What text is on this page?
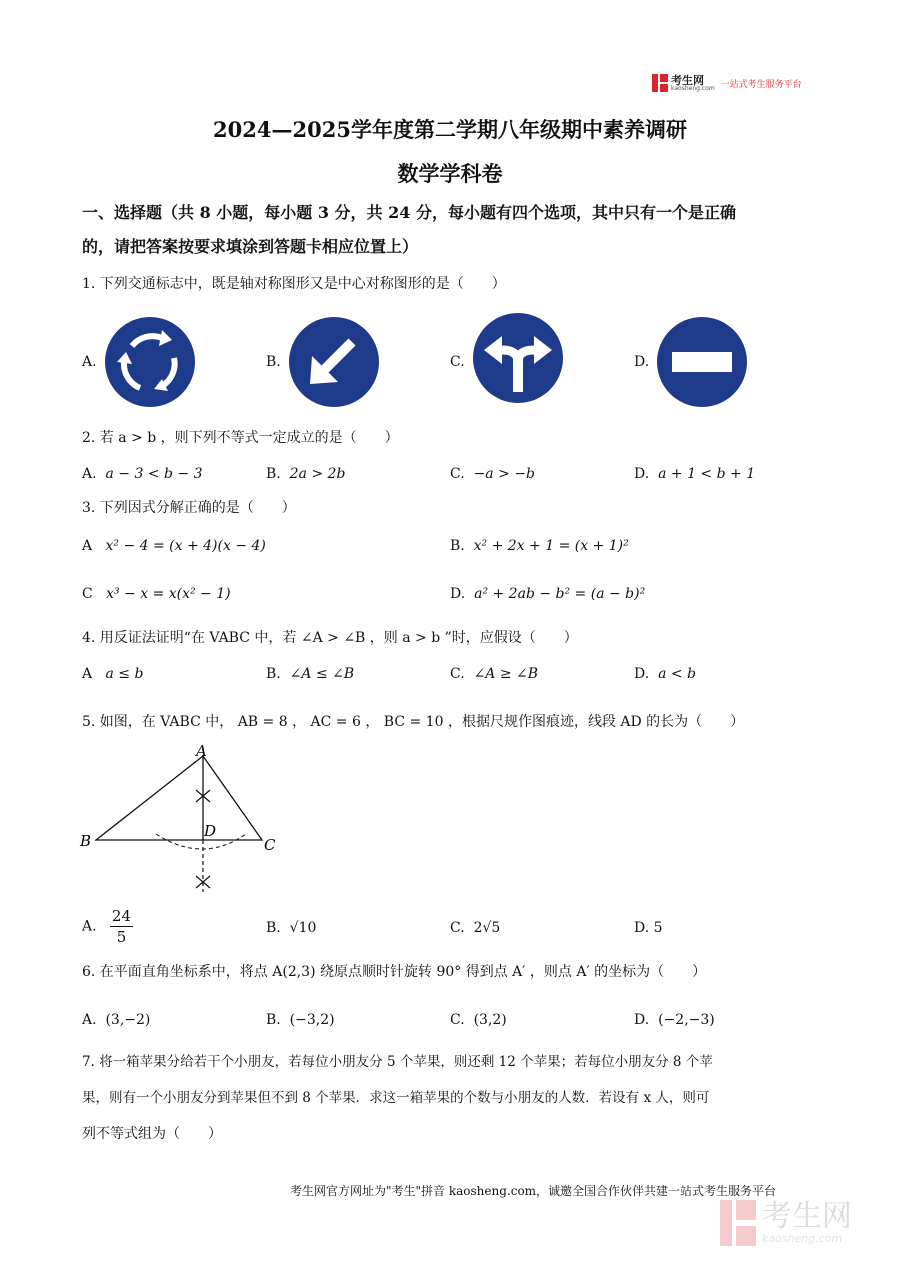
考生网
kaosheng.com 一站式考生服务平台
2024—2025学年度第二学期八年级期中素养调研
数学学科卷
一、选择题（共 8 小题，每小题 3 分，共 24 分，每小题有四个选项，其中只有一个是正确
的，请把答案按要求填涂到答题卡相应位置上）
1. 下列交通标志中，既是轴对称图形又是中心对称图形的是（　　）
A.	B.	C.	D.
2. 若 a > b ，则下列不等式一定成立的是（　　）
A. a − 3 < b − 3	B. 2a > 2b	C. −a > −b	D. a + 1 < b + 1
3. 下列因式分解正确的是（　　）
A x² − 4 = (x + 4)(x − 4)	B. x² + 2x + 1 = (x + 1)²
C x³ − x = x(x² − 1)	D. a² + 2ab − b² = (a − b)²
4. 用反证法证明“在 VABC 中，若 ∠A > ∠B ，则 a > b ”时，应假设（　　）
A a ≤ b	B. ∠A ≤ ∠B	C. ∠A ≥ ∠B	D. a < b
5. 如图，在 VABC 中， AB = 8 ， AC = 6 ， BC = 10 ，根据尺规作图痕迹，线段 AD 的长为（　　）
A
B	C
D
A. $\frac{24}{5}$	B. √10	C. 2√5	D. 5
6. 在平面直角坐标系中，将点 A(2,3) 绕原点顺时针旋转 90° 得到点 A′ ，则点 A′ 的坐标为（　　）
A. (3,−2)	B. (−3,2)	C. (3,2)	D. (−2,−3)
7. 将一箱苹果分给若干个小朋友，若每位小朋友分 5 个苹果，则还剩 12 个苹果；若每位小朋友分 8 个苹
果，则有一个小朋友分到苹果但不到 8 个苹果．求这一箱苹果的个数与小朋友的人数．若设有 x 人，则可
列不等式组为（　　）
考生网官方网址为"考生"拼音 kaosheng.com，诚邀全国合作伙伴共建一站式考生服务平台
考生网
kaosheng.com
